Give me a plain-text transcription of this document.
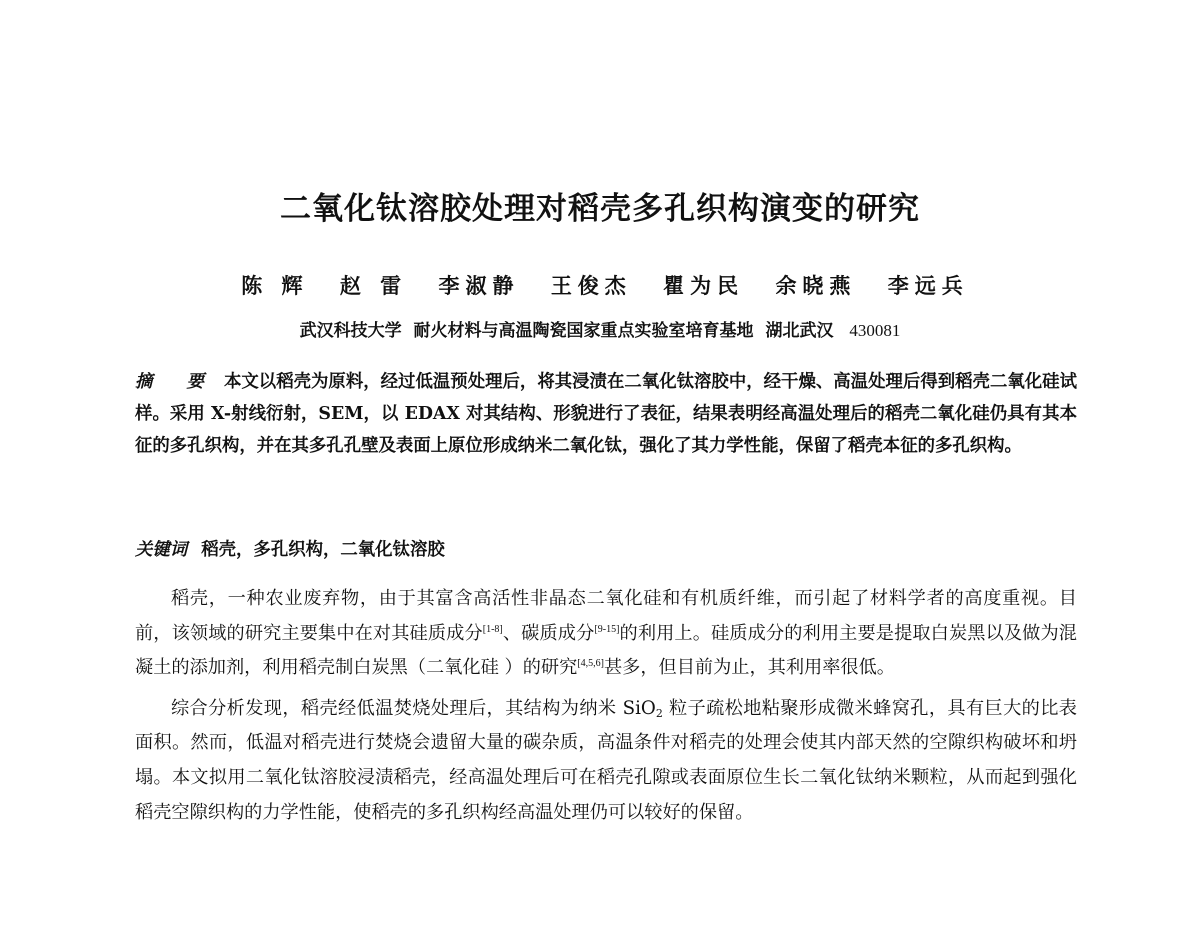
二氧化钛溶胶处理对稻壳多孔织构演变的研究
陈 辉 赵 雷 李淑静 王俊杰 瞿为民 余晓燕 李远兵
武汉科技大学 耐火材料与高温陶瓷国家重点实验室培育基地 湖北武汉 430081
摘 要 本文以稻壳为原料，经过低温预处理后，将其浸渍在二氧化钛溶胶中，经干燥、高温处理后得到稻壳二氧化硅试样。采用 X-射线衍射，SEM，以 EDAX 对其结构、形貌进行了表征，结果表明经高温处理后的稻壳二氧化硅仍具有其本征的多孔织构，并在其多孔孔壁及表面上原位形成纳米二氧化钛，强化了其力学性能，保留了稻壳本征的多孔织构。
关键词 稻壳，多孔织构，二氧化钛溶胶

稻壳，一种农业废弃物，由于其富含高活性非晶态二氧化硅和有机质纤维，而引起了材料学者的高度重视。目前，该领域的研究主要集中在对其硅质成分[1-8]、碳质成分[9-15]的利用上。硅质成分的利用主要是提取白炭黑以及做为混凝土的添加剂，利用稻壳制白炭黑（二氧化硅 ）的研究[4,5,6]甚多，但目前为止，其利用率很低。

综合分析发现，稻壳经低温焚烧处理后，其结构为纳米 SiO$_2$ 粒子疏松地粘聚形成微米蜂窝孔，具有巨大的比表面积。然而，低温对稻壳进行焚烧会遗留大量的碳杂质，高温条件对稻壳的处理会使其内部天然的空隙织构破坏和坍塌。本文拟用二氧化钛溶胶浸渍稻壳，经高温处理后可在稻壳孔隙或表面原位生长二氧化钛纳米颗粒，从而起到强化稻壳空隙织构的力学性能，使稻壳的多孔织构经高温处理仍可以较好的保留。
